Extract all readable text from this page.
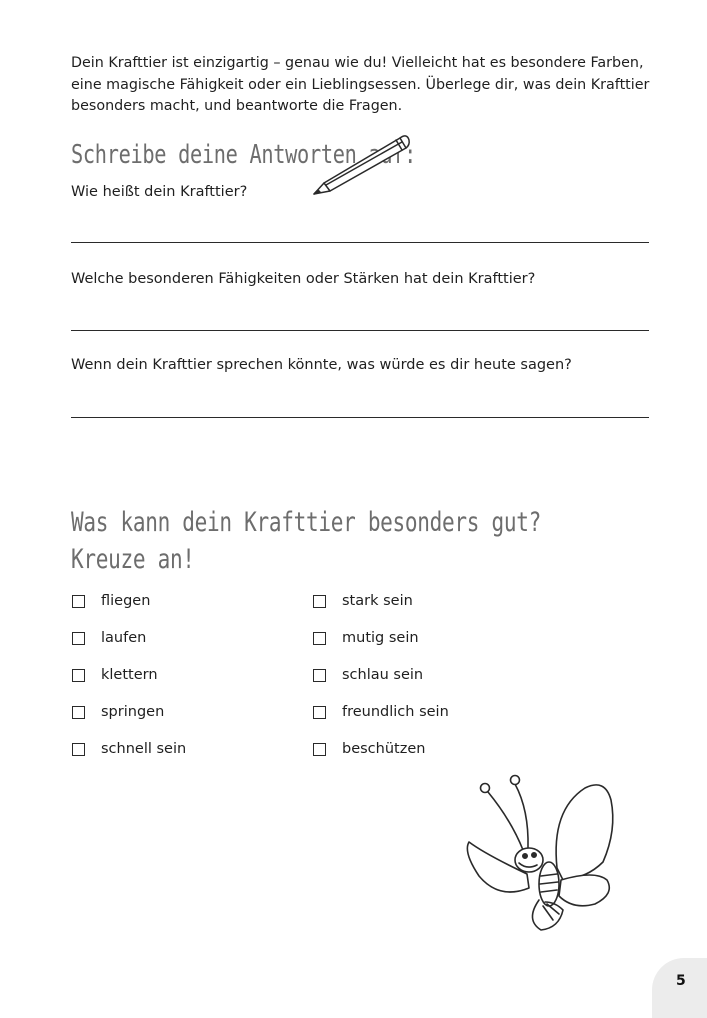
Dein Krafttier ist einzigartig – genau wie du! Vielleicht hat es besondere Farben, eine magische Fähigkeit oder ein Lieblingsessen. Überlege dir, was dein Krafttier besonders macht, und beantworte die Fragen.
Schreibe deine Antworten auf:
Wie heißt dein Krafttier?
Welche besonderen Fähigkeiten oder Stärken hat dein Krafttier?
Wenn dein Krafttier sprechen könnte, was würde es dir heute sagen?
Was kann dein Krafttier besonders gut?
Kreuze an!
fliegen
laufen
klettern
springen
schnell sein
stark sein
mutig sein
schlau sein
freundlich sein
beschützen
5
